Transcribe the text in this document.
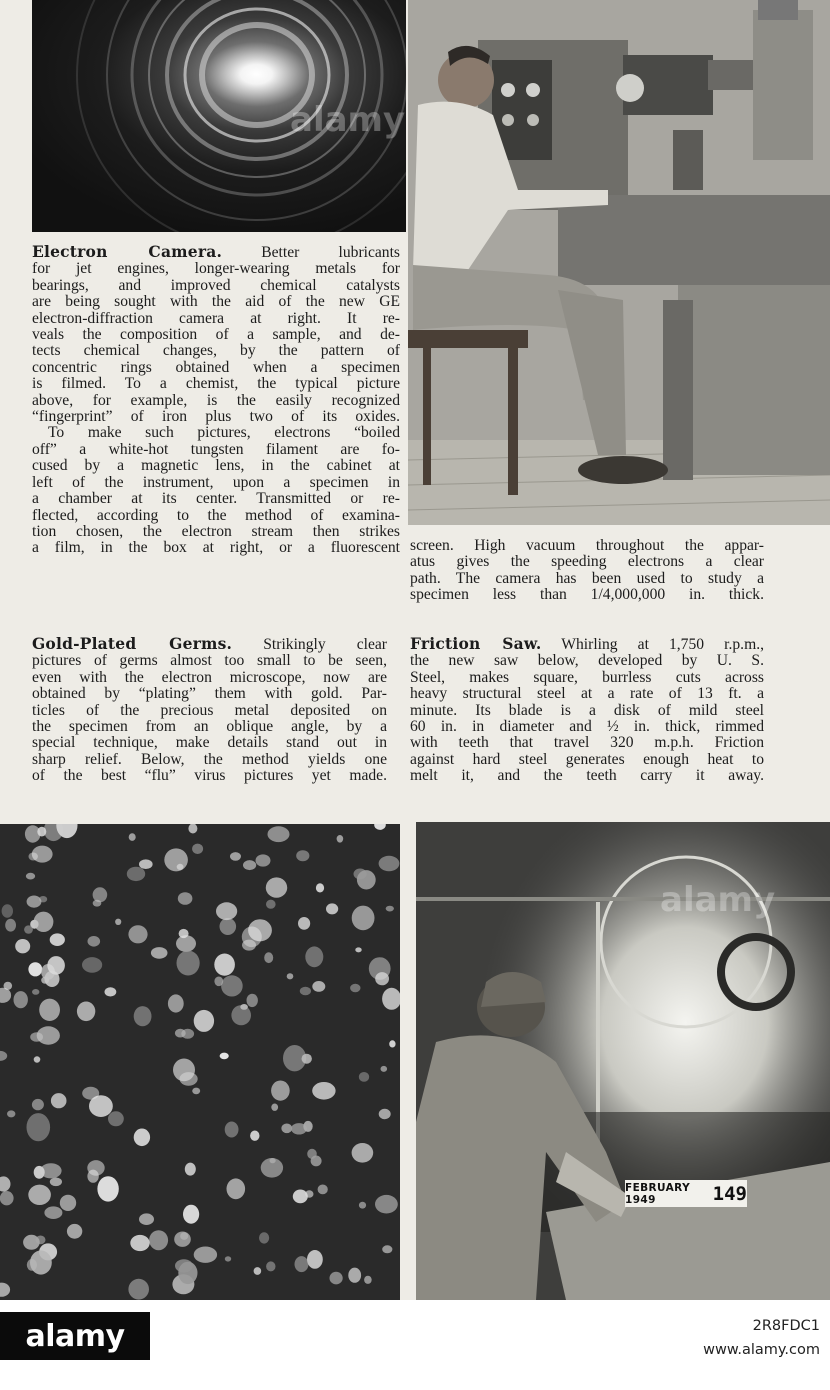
Electron Camera. Better lubricants
for jet engines, longer-wearing metals for
bearings, and improved chemical catalysts
are being sought with the aid of the new GE
electron-diffraction camera at right. It re-
veals the composition of a sample, and de-
tects chemical changes, by the pattern of
concentric rings obtained when a specimen
is filmed. To a chemist, the typical picture
above, for example, is the easily recognized
“fingerprint” of iron plus two of its oxides.

To make such pictures, electrons “boiled
off” a white-hot tungsten filament are fo-
cused by a magnetic lens, in the cabinet at
left of the instrument, upon a specimen in
a chamber at its center. Transmitted or re-
flected, according to the method of examina-
tion chosen, the electron stream then strikes
a film, in the box at right, or a fluorescent screen. High vacuum throughout the appar-
atus gives the speeding electrons a clear
path. The camera has been used to study a
specimen less than 1/4,000,000 in. thick.

Gold-Plated Germs. Strikingly clear
pictures of germs almost too small to be seen,
even with the electron microscope, now are
obtained by “plating” them with gold. Par-
ticles of the precious metal deposited on
the specimen from an oblique angle, by a
special technique, make details stand out in
sharp relief. Below, the method yields one
of the best “flu” virus pictures yet made.

Friction Saw. Whirling at 1,750 r.p.m.,
the new saw below, developed by U. S.
Steel, makes square, burrless cuts across
heavy structural steel at a rate of 13 ft. a
minute. Its blade is a disk of mild steel
60 in. in diameter and ½ in. thick, rimmed
with teeth that travel 320 m.p.h. Friction
against hard steel generates enough heat to
melt it, and the teeth carry it away.

FEBRUARY 1949	149
alamy
alamy
alamy	2R8FDC1
www.alamy.com
